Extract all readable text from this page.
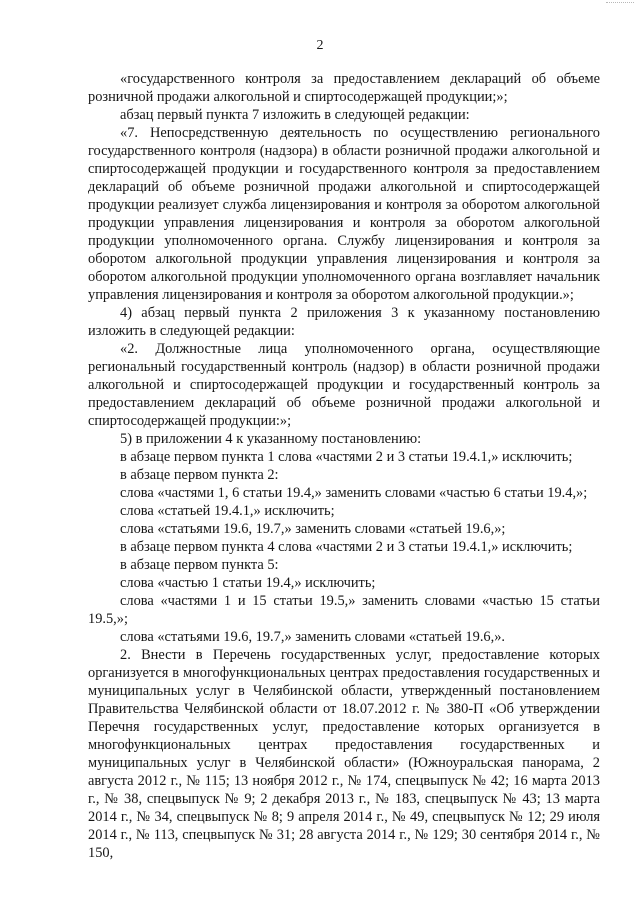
2

«государственного контроля за предоставлением деклараций об объеме розничной продажи алкогольной и спиртосодержащей продукции;»;

абзац первый пункта 7 изложить в следующей редакции:

«7. Непосредственную деятельность по осуществлению регионального государственного контроля (надзора) в области розничной продажи алкогольной и спиртосодержащей продукции и государственного контроля за предоставлением деклараций об объеме розничной продажи алкогольной и спиртосодержащей продукции реализует служба лицензирования и контроля за оборотом алкогольной продукции управления лицензирования и контроля за оборотом алкогольной продукции уполномоченного органа. Службу лицензирования и контроля за оборотом алкогольной продукции управления лицензирования и контроля за оборотом алкогольной продукции уполномоченного органа возглавляет начальник управления лицензирования и контроля за оборотом алкогольной продукции.»;

4) абзац первый пункта 2 приложения 3 к указанному постановлению изложить в следующей редакции:

«2. Должностные лица уполномоченного органа, осуществляющие региональный государственный контроль (надзор) в области розничной продажи алкогольной и спиртосодержащей продукции и государственный контроль за предоставлением деклараций об объеме розничной продажи алкогольной и спиртосодержащей продукции:»;

5) в приложении 4 к указанному постановлению:

в абзаце первом пункта 1 слова «частями 2 и 3 статьи 19.4.1,» исключить;

в абзаце первом пункта 2:

слова «частями 1, 6 статьи 19.4,» заменить словами «частью 6 статьи 19.4,»;

слова «статьей 19.4.1,» исключить;

слова «статьями 19.6, 19.7,» заменить словами «статьей 19.6,»;

в абзаце первом пункта 4 слова «частями 2 и 3 статьи 19.4.1,» исключить;

в абзаце первом пункта 5:

слова «частью 1 статьи 19.4,» исключить;

слова «частями 1 и 15 статьи 19.5,» заменить словами «частью 15 статьи 19.5,»;

слова «статьями 19.6, 19.7,» заменить словами «статьей 19.6,».

2. Внести в Перечень государственных услуг, предоставление которых организуется в многофункциональных центрах предоставления государственных и муниципальных услуг в Челябинской области, утвержденный постановлением Правительства Челябинской области от 18.07.2012 г. № 380-П «Об утверждении Перечня государственных услуг, предоставление которых организуется в многофункциональных центрах предоставления государственных и муниципальных услуг в Челябинской области» (Южноуральская панорама, 2 августа 2012 г., № 115; 13 ноября 2012 г., № 174, спецвыпуск № 42; 16 марта 2013 г., № 38, спецвыпуск № 9; 2 декабря 2013 г., № 183, спецвыпуск № 43; 13 марта 2014 г., № 34, спецвыпуск № 8; 9 апреля 2014 г., № 49, спецвыпуск № 12; 29 июля 2014 г., № 113, спецвыпуск № 31; 28 августа 2014 г., № 129; 30 сентября 2014 г., № 150,
